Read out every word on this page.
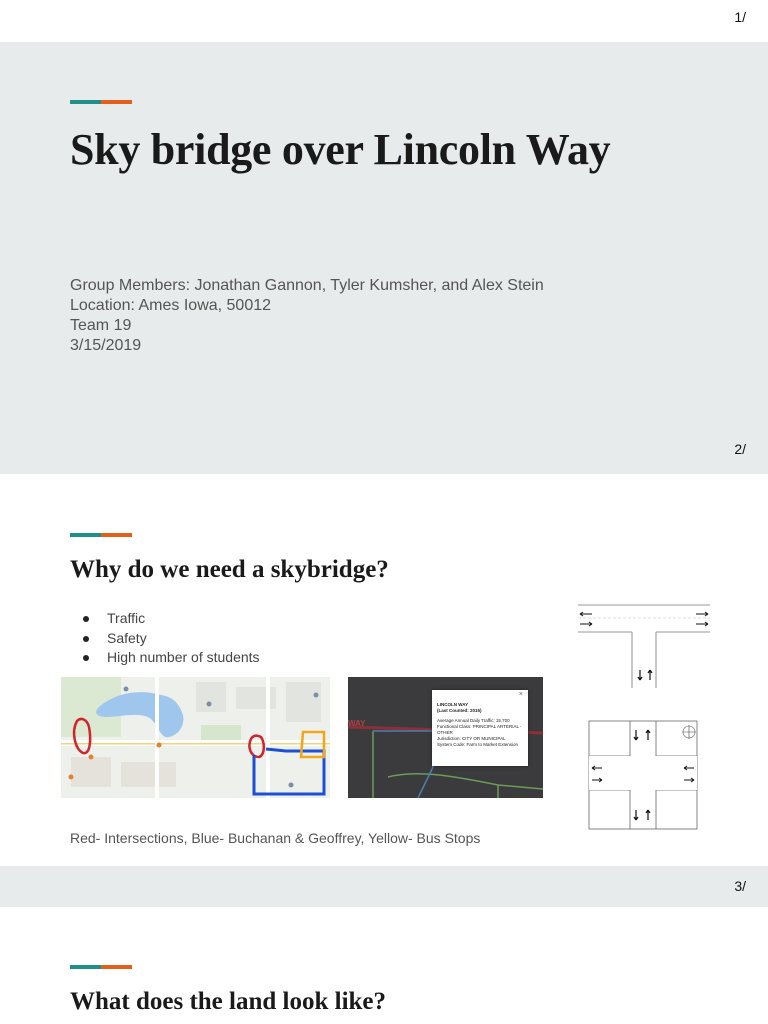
1/
Sky bridge over Lincoln Way
Group Members: Jonathan Gannon, Tyler Kumsher, and Alex Stein
Location: Ames Iowa, 50012
Team 19
3/15/2019
2/
Why do we need a skybridge?
Traffic
Safety
High number of students
WAY
×
LINCOLN WAY
(Last Counted: 2015)
Average Annual Daily Traffic: 15,700
Functional Class: PRINCIPAL ARTERIAL - OTHER
Jurisdiction: CITY OR MUNICIPAL
System Code: Farm to Market Extension
Red- Intersections, Blue- Buchanan & Geoffrey, Yellow- Bus Stops
3/
What does the land look like?
